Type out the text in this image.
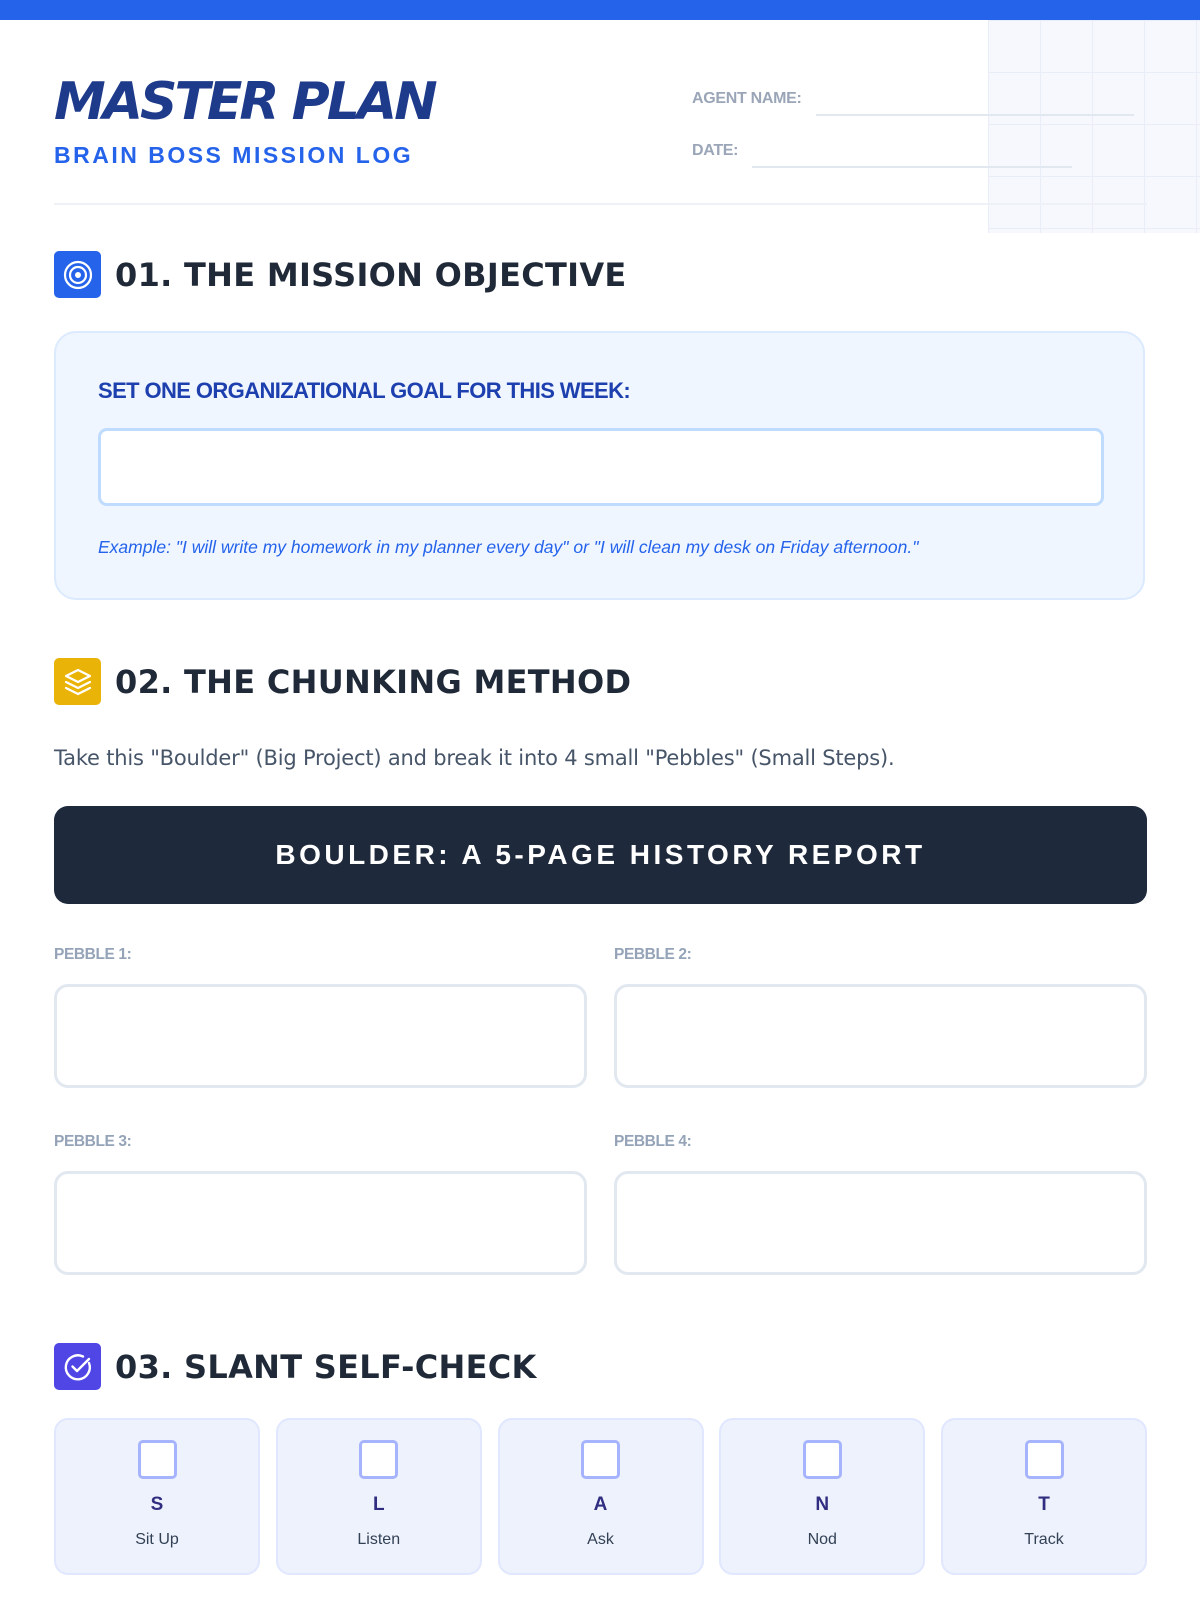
MASTER PLAN
BRAIN BOSS MISSION LOG
AGENT NAME:
DATE:
01. THE MISSION OBJECTIVE
SET ONE ORGANIZATIONAL GOAL FOR THIS WEEK:
Example: "I will write my homework in my planner every day" or "I will clean my desk on Friday afternoon."
02. THE CHUNKING METHOD
Take this "Boulder" (Big Project) and break it into 4 small "Pebbles" (Small Steps).
BOULDER: A 5-PAGE HISTORY REPORT
PEBBLE 1:	PEBBLE 2:
PEBBLE 3:	PEBBLE 4:
03. SLANT SELF-CHECK
S
Sit Up
L
Listen
A
Ask
N
Nod
T
Track
